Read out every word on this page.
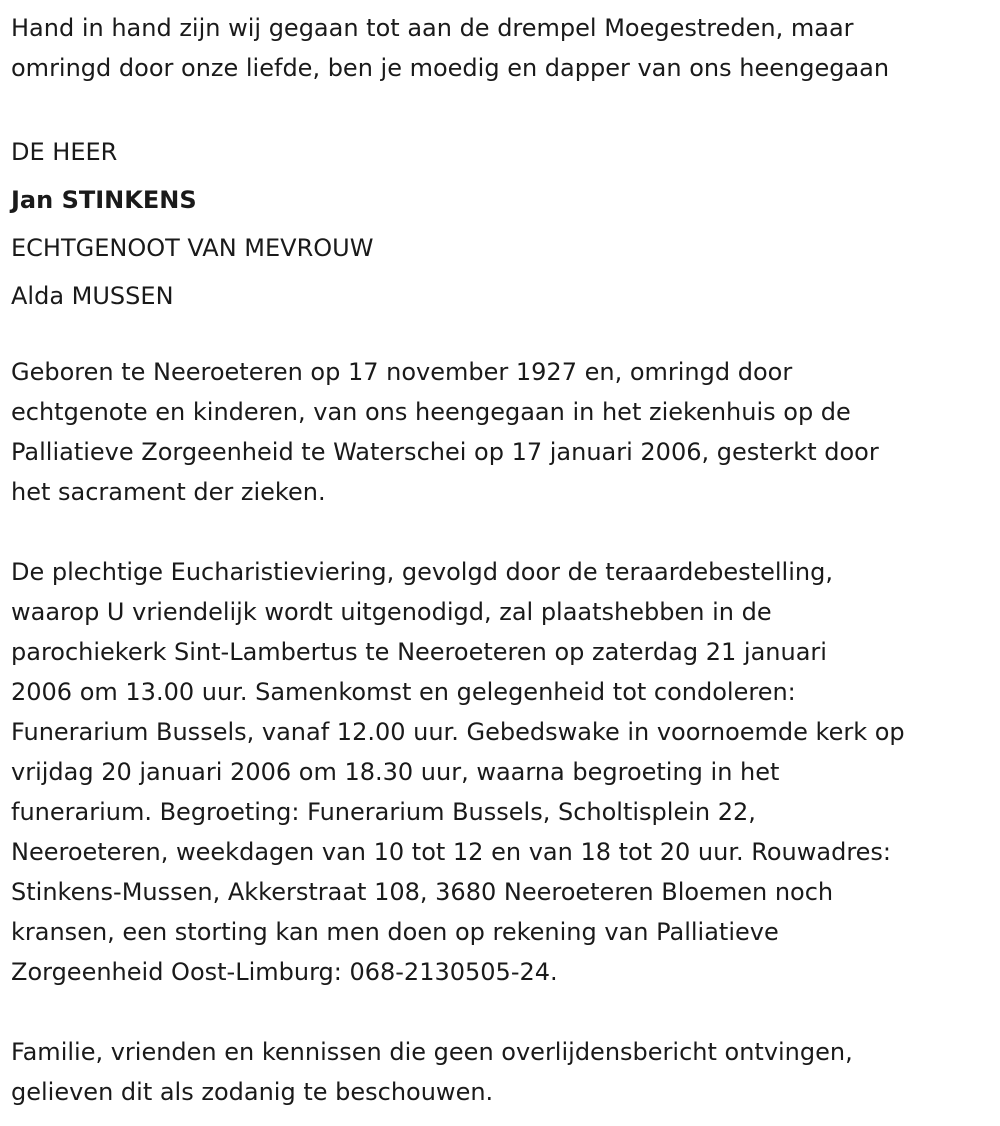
Hand in hand zijn wij gegaan tot aan de drempel Moegestreden, maar
omringd door onze liefde, ben je moedig en dapper van ons heengegaan
DE HEER
Jan STINKENS
ECHTGENOOT VAN MEVROUW
Alda MUSSEN
Geboren te Neeroeteren op 17 november 1927 en, omringd door
echtgenote en kinderen, van ons heengegaan in het ziekenhuis op de
Palliatieve Zorgeenheid te Waterschei op 17 januari 2006, gesterkt door
het sacrament der zieken.
De plechtige Eucharistieviering, gevolgd door de teraardebestelling,
waarop U vriendelijk wordt uitgenodigd, zal plaatshebben in de
parochiekerk Sint-Lambertus te Neeroeteren op zaterdag 21 januari
2006 om 13.00 uur. Samenkomst en gelegenheid tot condoleren:
Funerarium Bussels, vanaf 12.00 uur. Gebedswake in voornoemde kerk op
vrijdag 20 januari 2006 om 18.30 uur, waarna begroeting in het
funerarium. Begroeting: Funerarium Bussels, Scholtisplein 22,
Neeroeteren, weekdagen van 10 tot 12 en van 18 tot 20 uur. Rouwadres:
Stinkens-Mussen, Akkerstraat 108, 3680 Neeroeteren Bloemen noch
kransen, een storting kan men doen op rekening van Palliatieve
Zorgeenheid Oost-Limburg: 068-2130505-24.
Familie, vrienden en kennissen die geen overlijdensbericht ontvingen,
gelieven dit als zodanig te beschouwen.
